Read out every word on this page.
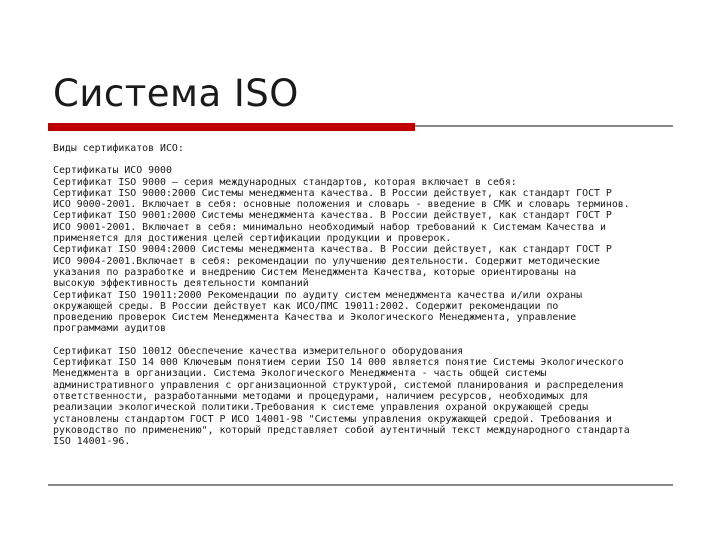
Система ISO

Виды сертификатов ИСО:

Сертификаты ИСО 9000

Сертификат ISO 9000 – серия международных стандартов, которая включает в себя:

Сертификат ISO 9000:2000 Системы менеджмента качества. В России действует, как стандарт ГОСТ Р
ИСО 9000-2001. Включает в себя: основные положения и словарь - введение в СМК и словарь терминов.

Сертификат ISO 9001:2000 Системы менеджмента качества. В России действует, как стандарт ГОСТ Р
ИСО 9001-2001. Включает в себя: минимально необходимый набор требований к Системам Качества и
применяется для достижения целей сертификации продукции и проверок.

Сертификат ISO 9004:2000 Системы менеджмента качества. В России действует, как стандарт ГОСТ Р
ИСО 9004-2001.Включает в себя: рекомендации по улучшению деятельности. Содержит методические
указания по разработке и внедрению Систем Менеджмента Качества, которые ориентированы на
высокую эффективность деятельности компаний

Сертификат ISO 19011:2000 Рекомендации по аудиту систем менеджмента качества и/или охраны
окружающей среды. В России действует как ИСО/ПМС 19011:2002. Содержит рекомендации по
проведению проверок Систем Менеджмента Качества и Экологического Менеджмента, управление
программами аудитов

Сертификат ISO 10012 Обеспечение качества измерительного оборудования

Сертификат ISO 14 000 Ключевым понятием серии ISO 14 000 является понятие Системы Экологического
Менеджмента в организации. Система Экологического Менеджмента - часть общей системы
административного управления с организационной структурой, системой планирования и распределения
ответственности, разработанными методами и процедурами, наличием ресурсов, необходимых для
реализации экологической политики.Требования к системе управления охраной окружающей среды
установлены стандартом ГОСТ Р ИСО 14001-98 "Системы управления окружающей средой. Требования и
руководство по применению", который представляет собой аутентичный текст международного стандарта
ISO 14001-96.
